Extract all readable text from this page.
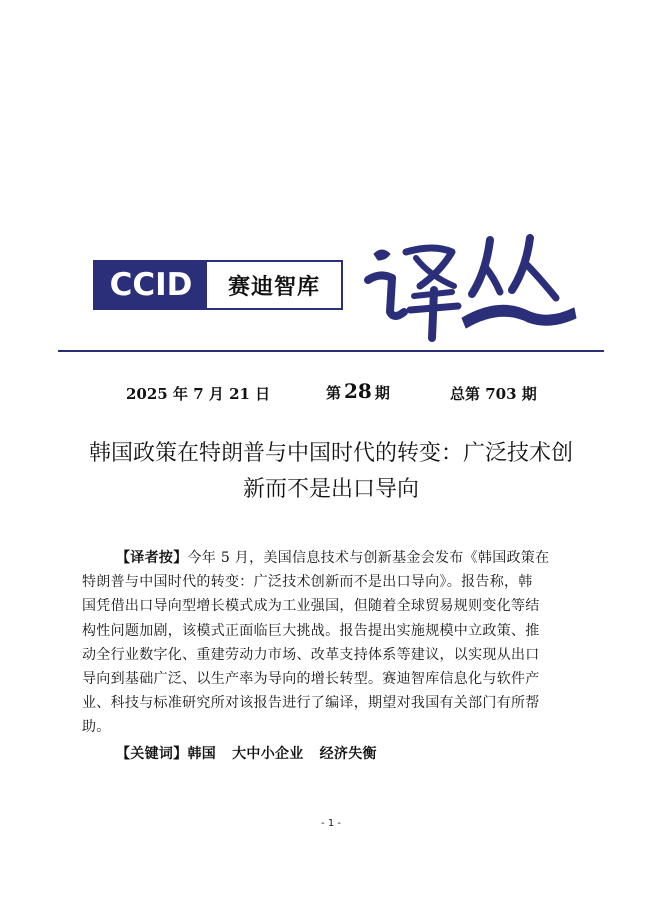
CCID	赛迪智库
2025 年 7 月 21 日	第 28 期	总第 703 期
韩国政策在特朗普与中国时代的转变：广泛技术创
新而不是出口导向
【译者按】今年 5 月，美国信息技术与创新基金会发布《韩国政策在
特朗普与中国时代的转变：广泛技术创新而不是出口导向》。报告称，韩
国凭借出口导向型增长模式成为工业强国，但随着全球贸易规则变化等结
构性问题加剧，该模式正面临巨大挑战。报告提出实施规模中立政策、推
动全行业数字化、重建劳动力市场、改革支持体系等建议，以实现从出口
导向到基础广泛、以生产率为导向的增长转型。赛迪智库信息化与软件产
业、科技与标准研究所对该报告进行了编译，期望对我国有关部门有所帮
助。
【关键词】韩国 大中小企业 经济失衡
- 1 -
